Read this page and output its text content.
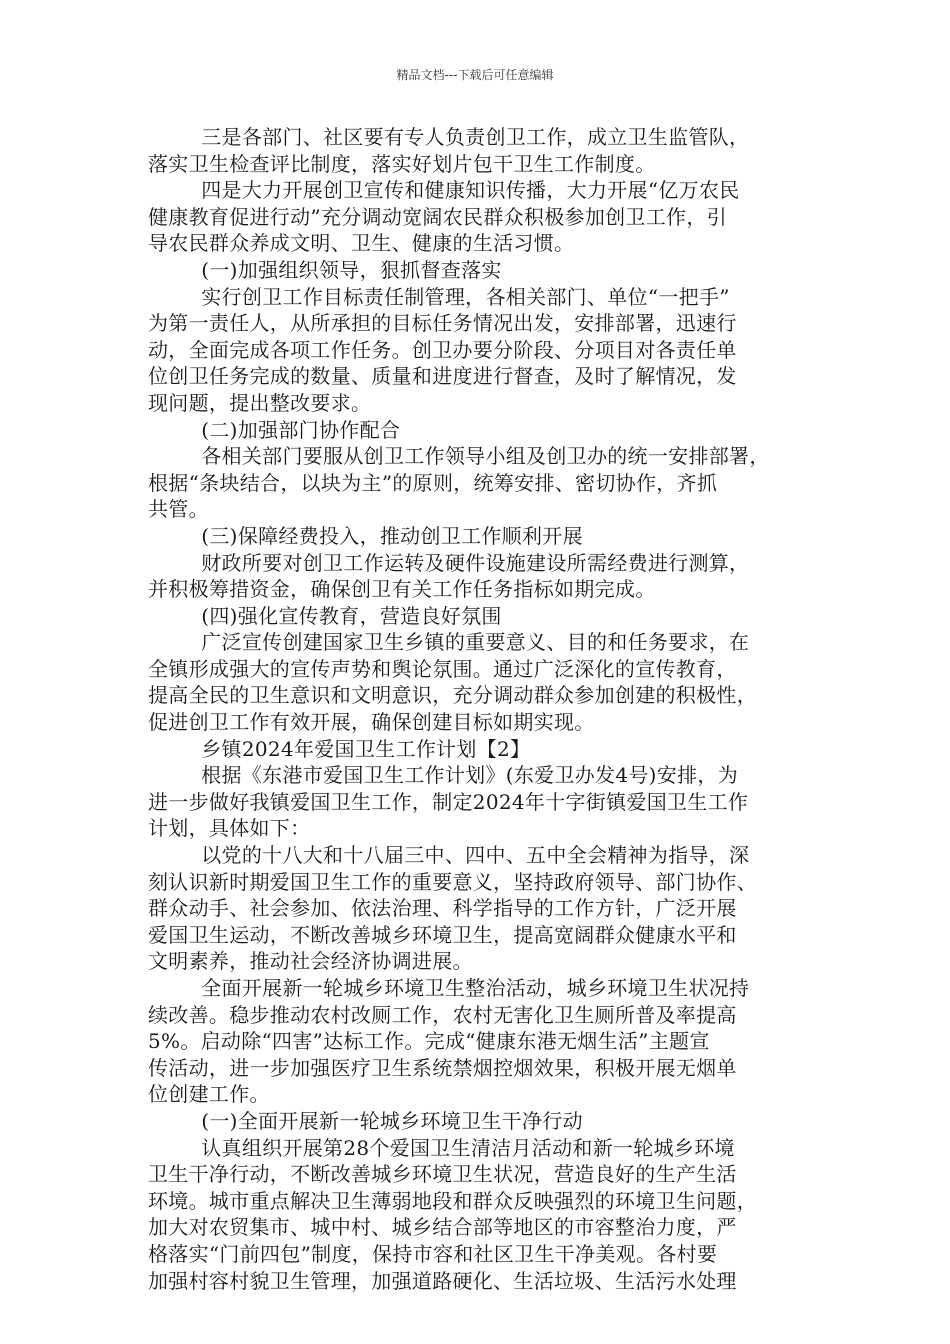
精品文档---下载后可任意编辑
三是各部门、社区要有专人负责创卫工作，成立卫生监管队，
落实卫生检查评比制度，落实好划片包干卫生工作制度。
四是大力开展创卫宣传和健康知识传播，大力开展“亿万农民
健康教育促进行动”充分调动宽阔农民群众积极参加创卫工作，引
导农民群众养成文明、卫生、健康的生活习惯。
(一)加强组织领导，狠抓督查落实
实行创卫工作目标责任制管理，各相关部门、单位“一把手”
为第一责任人，从所承担的目标任务情况出发，安排部署，迅速行
动，全面完成各项工作任务。创卫办要分阶段、分项目对各责任单
位创卫任务完成的数量、质量和进度进行督查，及时了解情况，发
现问题，提出整改要求。
(二)加强部门协作配合
各相关部门要服从创卫工作领导小组及创卫办的统一安排部署，
根据“条块结合，以块为主”的原则，统筹安排、密切协作，齐抓
共管。
(三)保障经费投入，推动创卫工作顺利开展
财政所要对创卫工作运转及硬件设施建设所需经费进行测算，
并积极筹措资金，确保创卫有关工作任务指标如期完成。
(四)强化宣传教育，营造良好氛围
广泛宣传创建国家卫生乡镇的重要意义、目的和任务要求，在
全镇形成强大的宣传声势和舆论氛围。通过广泛深化的宣传教育，
提高全民的卫生意识和文明意识，充分调动群众参加创建的积极性，
促进创卫工作有效开展，确保创建目标如期实现。
乡镇2024年爱国卫生工作计划【2】
根据《东港市爱国卫生工作计划》(东爱卫办发4号)安排，为
进一步做好我镇爱国卫生工作，制定2024年十字街镇爱国卫生工作
计划，具体如下：
以党的十八大和十八届三中、四中、五中全会精神为指导，深
刻认识新时期爱国卫生工作的重要意义，坚持政府领导、部门协作、
群众动手、社会参加、依法治理、科学指导的工作方针，广泛开展
爱国卫生运动，不断改善城乡环境卫生，提高宽阔群众健康水平和
文明素养，推动社会经济协调进展。
全面开展新一轮城乡环境卫生整治活动，城乡环境卫生状况持
续改善。稳步推动农村改厕工作，农村无害化卫生厕所普及率提高
5%。启动除“四害”达标工作。完成“健康东港无烟生活”主题宣
传活动，进一步加强医疗卫生系统禁烟控烟效果，积极开展无烟单
位创建工作。
(一)全面开展新一轮城乡环境卫生干净行动
认真组织开展第28个爱国卫生清洁月活动和新一轮城乡环境
卫生干净行动，不断改善城乡环境卫生状况，营造良好的生产生活
环境。城市重点解决卫生薄弱地段和群众反映强烈的环境卫生问题，
加大对农贸集市、城中村、城乡结合部等地区的市容整治力度，严
格落实“门前四包”制度，保持市容和社区卫生干净美观。各村要
加强村容村貌卫生管理，加强道路硬化、生活垃圾、生活污水处理
